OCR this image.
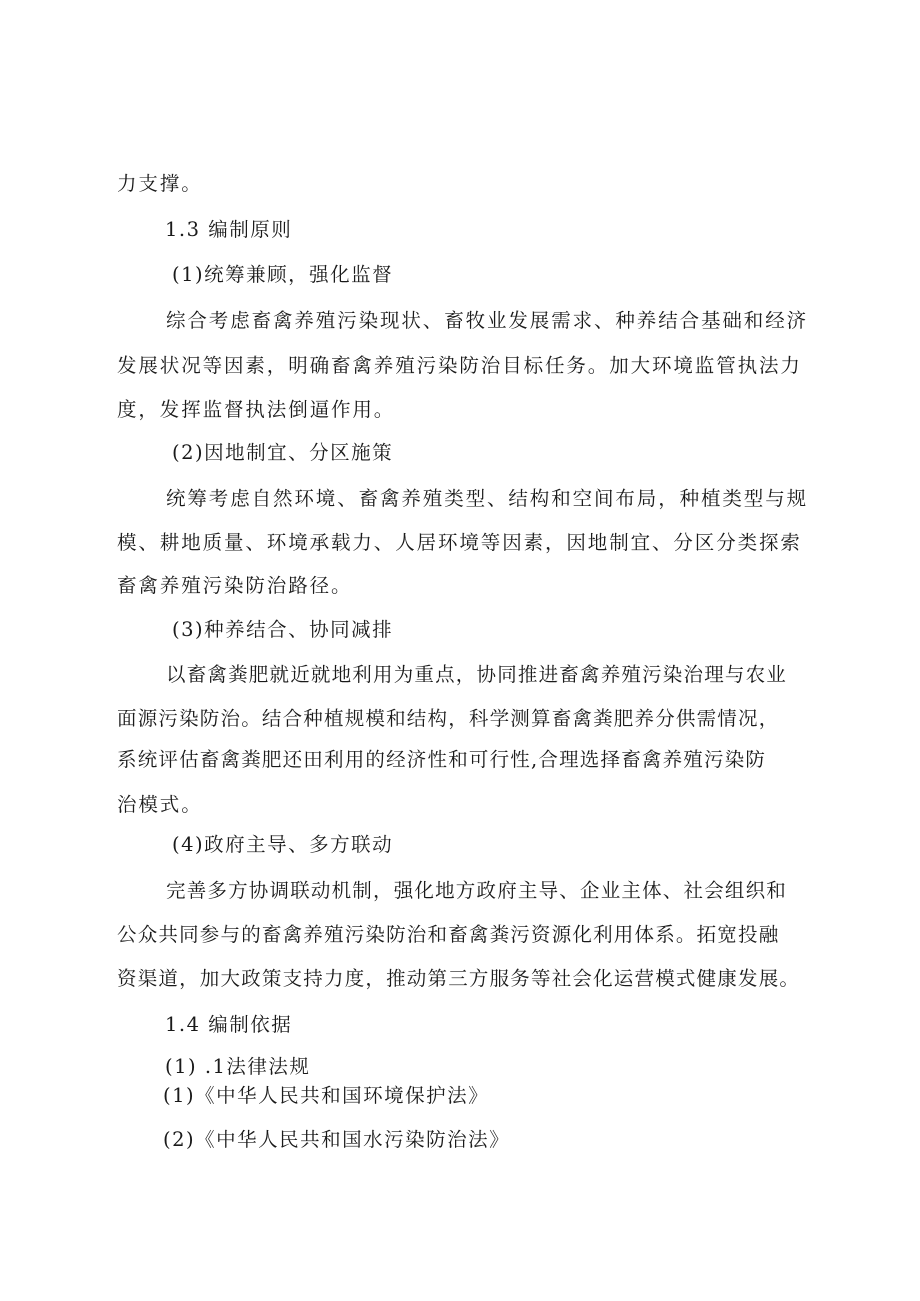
力支撑。
1.3 编制原则
(1)统筹兼顾，强化监督
综合考虑畜禽养殖污染现状、畜牧业发展需求、种养结合基础和经济
发展状况等因素，明确畜禽养殖污染防治目标任务。加大环境监管执法力
度，发挥监督执法倒逼作用。
(2)因地制宜、分区施策
统筹考虑自然环境、畜禽养殖类型、结构和空间布局，种植类型与规
模、耕地质量、环境承载力、人居环境等因素，因地制宜、分区分类探索
畜禽养殖污染防治路径。
(3)种养结合、协同减排
以畜禽粪肥就近就地利用为重点，协同推进畜禽养殖污染治理与农业
面源污染防治。结合种植规模和结构，科学测算畜禽粪肥养分供需情况，
系统评估畜禽粪肥还田利用的经济性和可行性,合理选择畜禽养殖污染防
治模式。
(4)政府主导、多方联动
完善多方协调联动机制，强化地方政府主导、企业主体、社会组织和
公众共同参与的畜禽养殖污染防治和畜禽粪污资源化利用体系。拓宽投融
资渠道，加大政策支持力度，推动第三方服务等社会化运营模式健康发展。
1.4 编制依据
(1) .1法律法规
(1)《中华人民共和国环境保护法》
(2)《中华人民共和国水污染防治法》
